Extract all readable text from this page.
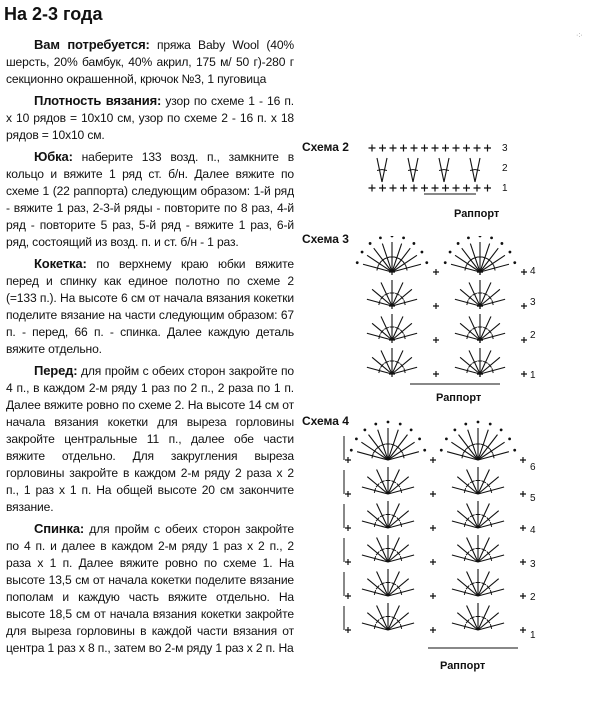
На 2-3 года
·:·

Вам потребуется: пряжа Baby Wool (40% шерсть, 20% бамбук, 40% акрил, 175 м/ 50 г)-280 г секционно окрашенной, крючок №3, 1 пуговица

Плотность вязания: узор по схеме 1 - 16 п. х 10 рядов = 10х10 см, узор по схеме 2 - 16 п. х 18 рядов = 10х10 см.

Юбка: наберите 133 возд. п., замкните в кольцо и вяжите 1 ряд ст. б/н. Далее вяжите по схеме 1 (22 раппорта) следующим образом: 1-й ряд - вяжите 1 раз, 2-3-й ряды - повторите по 8 раз, 4-й ряд - повторите 5 раз, 5-й ряд - вяжите 1 раз, 6-й ряд, состоящий из возд. п. и ст. б/н - 1 раз.

Кокетка: по верхнему краю юбки вяжите перед и спинку как единое полотно по схеме 2 (=133 п.). На высоте 6 см от начала вязания кокетки поделите вязание на части следующим образом: 67 п. - перед, 66 п. - спинка. Далее каждую деталь вяжите отдельно.

Перед: для пройм с обеих сторон закройте по 4 п., в каждом 2-м ряду 1 раз по 2 п., 2 раза по 1 п. Далее вяжите ровно по схеме 2. На высоте 14 см от начала вязания кокетки для выреза горловины закройте центральные 11 п., далее обе части вяжите отдельно. Для закругления выреза горловины закройте в каждом 2-м ряду 2 раза х 2 п., 1 раз х 1 п. На общей высоте 20 см закончите вязание.

Спинка: для пройм с обеих сторон закройте по 4 п. и далее в каждом 2-м ряду 1 раз х 2 п., 2 раза х 1 п. Далее вяжите ровно по схеме 1. На высоте 13,5 см от начала кокетки поделите вязание пополам и каждую часть вяжите отдельно. На высоте 18,5 см от начала вязания кокетки закройте для выреза горловины в каждой части вязания от центра 1 раз х 8 п., затем во 2-м ряду 1 раз х 2 п. На

Схема 2	3
2
1
Раппорт
Схема 3
4
3
2
1
Раппорт
Схема 4
6
5
4
3
2
1
Раппорт
